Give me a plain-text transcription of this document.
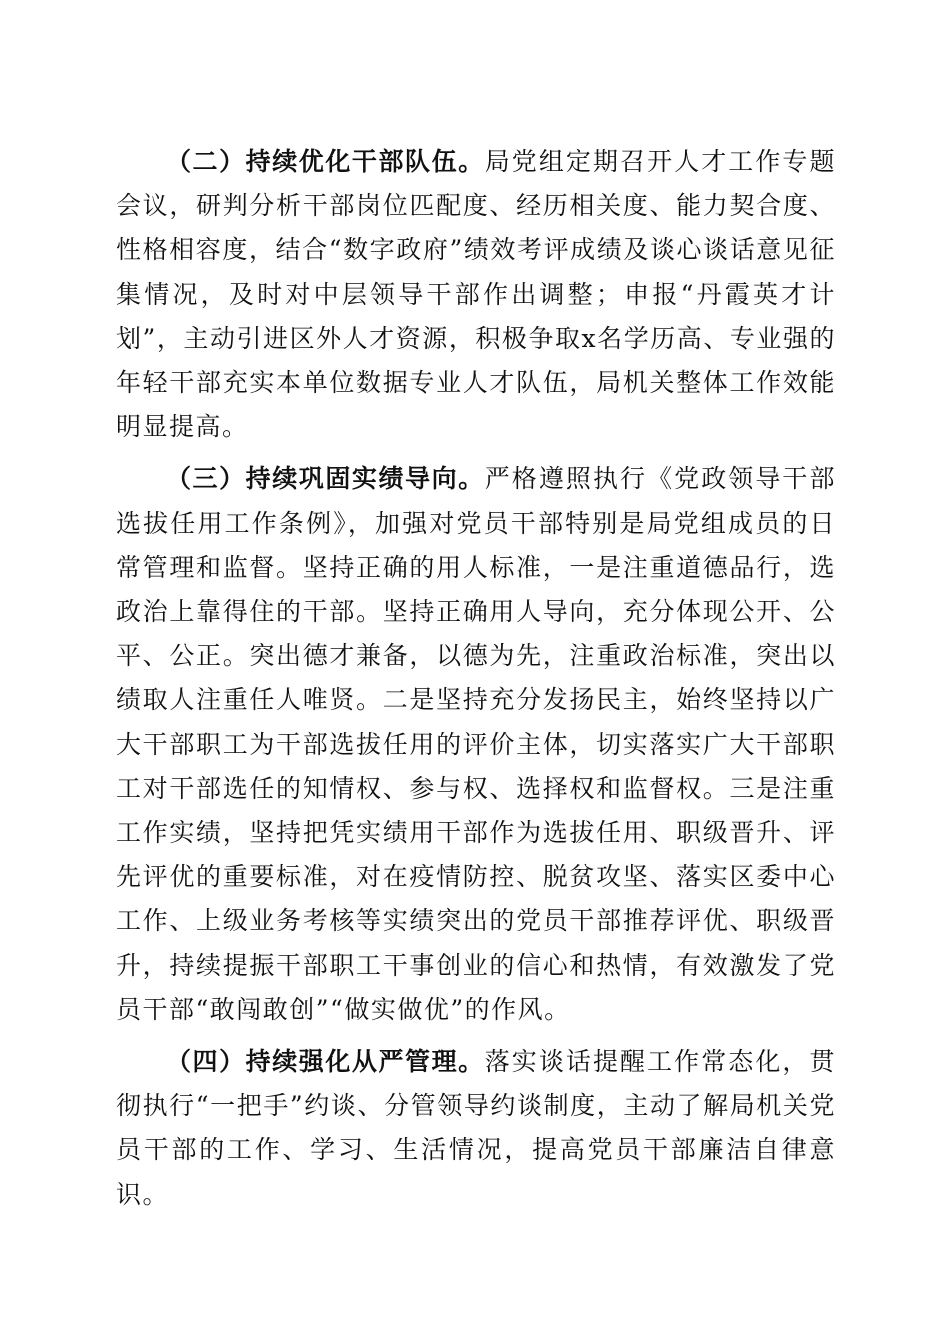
（二）持续优化干部队伍。局党组定期召开人才工作专题会议，研判分析干部岗位匹配度、经历相关度、能力契合度、性格相容度，结合“数字政府”绩效考评成绩及谈心谈话意见征集情况，及时对中层领导干部作出调整；申报“丹霞英才计划”，主动引进区外人才资源，积极争取x名学历高、专业强的年轻干部充实本单位数据专业人才队伍，局机关整体工作效能明显提高。

（三）持续巩固实绩导向。严格遵照执行《党政领导干部选拔任用工作条例》，加强对党员干部特别是局党组成员的日常管理和监督。坚持正确的用人标准，一是注重道德品行，选政治上靠得住的干部。坚持正确用人导向，充分体现公开、公平、公正。突出德才兼备，以德为先，注重政治标准，突出以绩取人注重任人唯贤。二是坚持充分发扬民主，始终坚持以广大干部职工为干部选拔任用的评价主体，切实落实广大干部职工对干部选任的知情权、参与权、选择权和监督权。三是注重工作实绩，坚持把凭实绩用干部作为选拔任用、职级晋升、评先评优的重要标准，对在疫情防控、脱贫攻坚、落实区委中心工作、上级业务考核等实绩突出的党员干部推荐评优、职级晋升，持续提振干部职工干事创业的信心和热情，有效激发了党员干部“敢闯敢创”“做实做优”的作风。

（四）持续强化从严管理。落实谈话提醒工作常态化，贯彻执行“一把手”约谈、分管领导约谈制度，主动了解局机关党员干部的工作、学习、生活情况，提高党员干部廉洁自律意识。
